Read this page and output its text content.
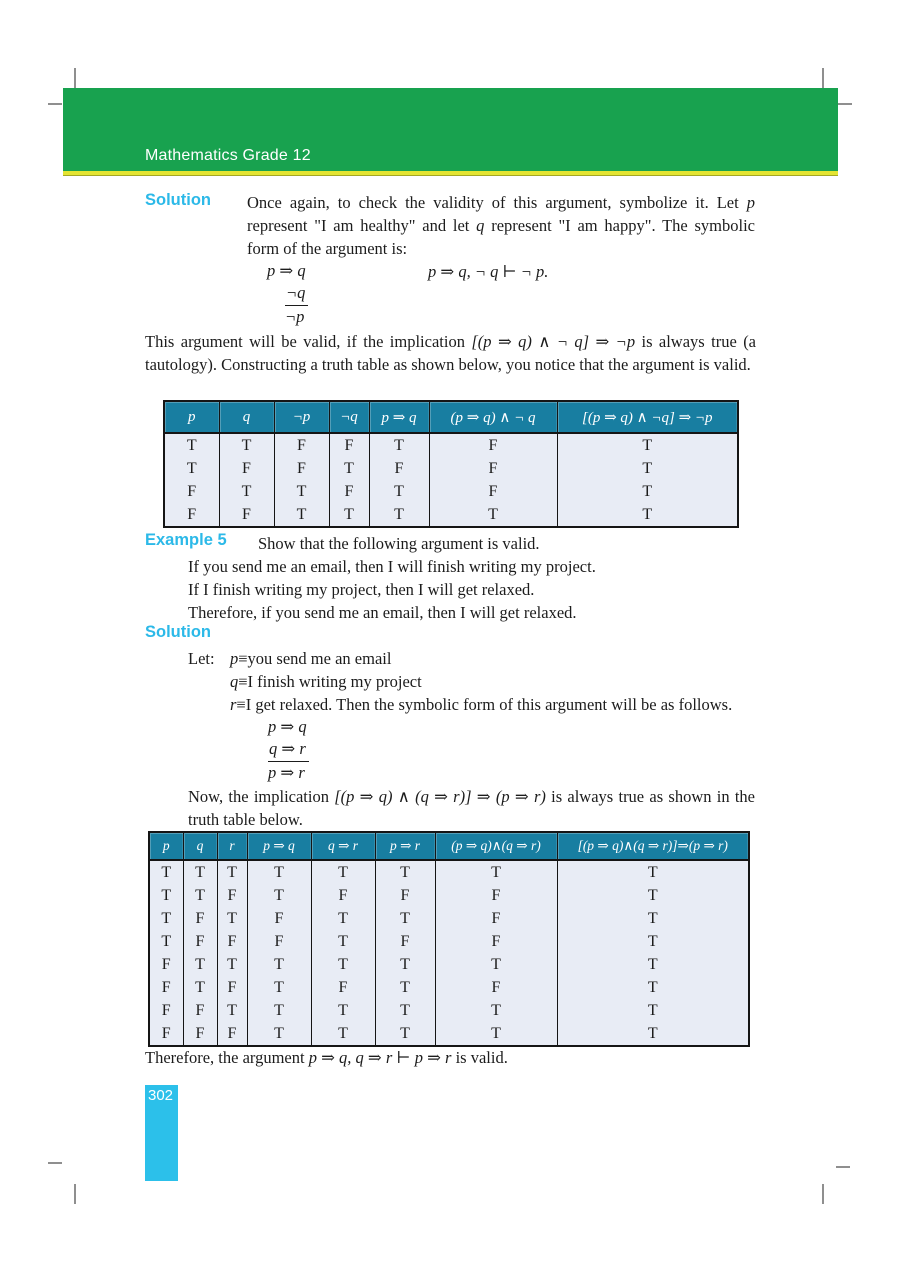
Mathematics Grade 12
Solution Once again, to check the validity of this argument, symbolize it. Let p represent "I am healthy" and let q represent "I am happy". The symbolic form of the argument is:
p ⇒ q
¬q
¬p
p ⇒ q, ¬ q ⊢ ¬ p.
This argument will be valid, if the implication [(p ⇒ q) ∧ ¬ q] ⇒ ¬p is always true (a tautology). Constructing a truth table as shown below, you notice that the argument is valid.
p	q	¬p	¬q	p ⇒ q	(p ⇒ q) ∧ ¬ q	[(p ⇒ q) ∧ ¬q] ⇒ ¬p
T	T	F	F	T	F	T
T	F	F	T	F	F	T
F	T	T	F	T	F	T
F	F	T	T	T	T	T
Example 5 Show that the following argument is valid.
If you send me an email, then I will finish writing my project.
If I finish writing my project, then I will get relaxed.
Therefore, if you send me an email, then I will get relaxed.
Solution
Let: p≡you send me an email
q≡I finish writing my project
r≡I get relaxed. Then the symbolic form of this argument will be as follows.
p ⇒ q
q ⇒ r
p ⇒ r
Now, the implication [(p ⇒ q) ∧ (q ⇒ r)] ⇒ (p ⇒ r) is always true as shown in the truth table below.
p	q	r	p ⇒ q	q ⇒ r	p ⇒ r	(p ⇒ q)∧(q ⇒ r)	[(p ⇒ q)∧(q ⇒ r)]⇒(p ⇒ r)
T	T	T	T	T	T	T	T
T	T	F	T	F	F	F	T
T	F	T	F	T	T	F	T
T	F	F	F	T	F	F	T
F	T	T	T	T	T	T	T
F	T	F	T	F	T	F	T
F	F	T	T	T	T	T	T
F	F	F	T	T	T	T	T
Therefore, the argument p ⇒ q, q ⇒ r ⊢ p ⇒ r is valid.
302
